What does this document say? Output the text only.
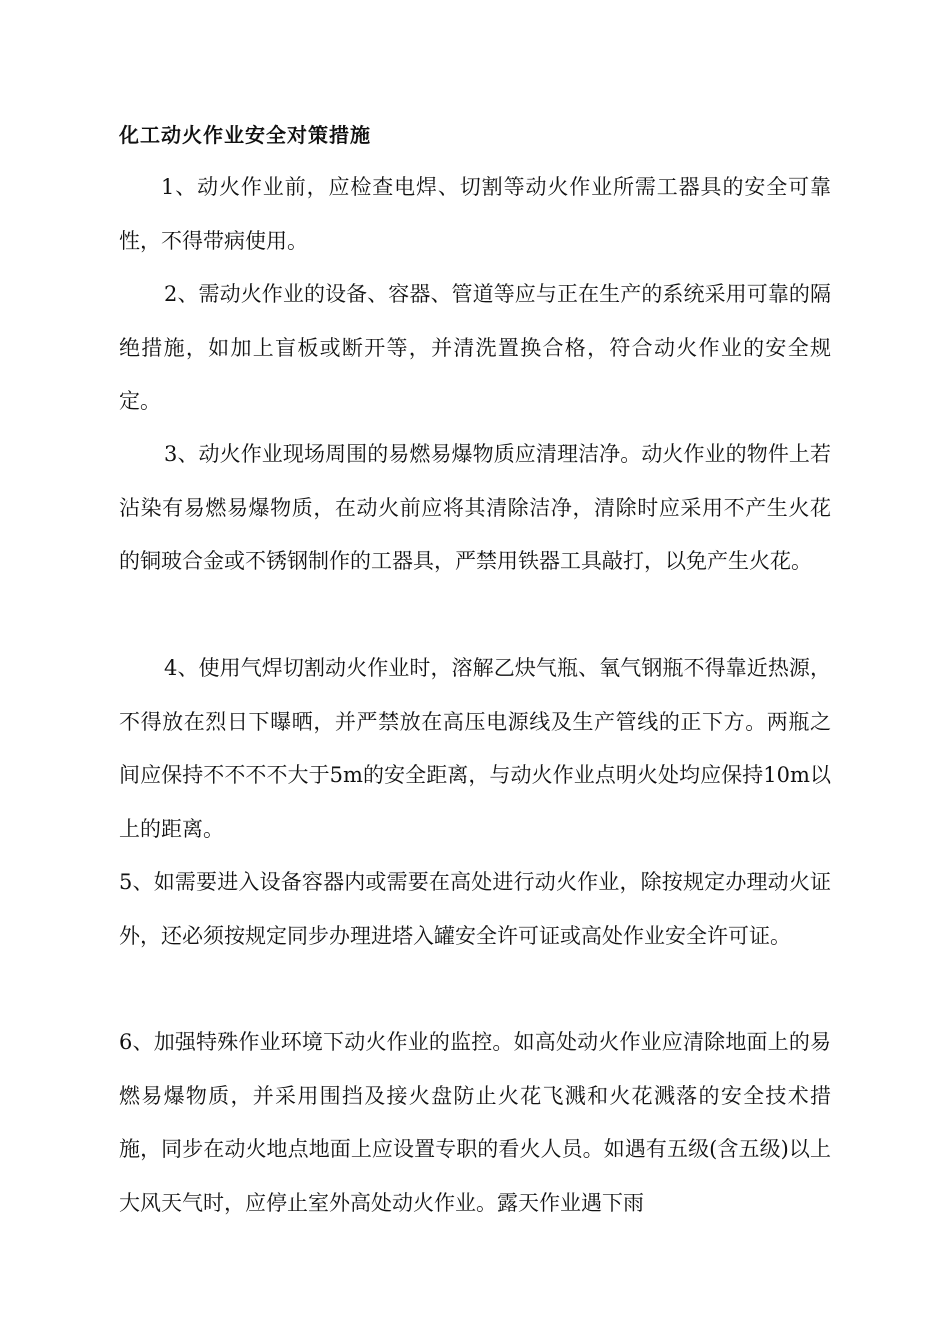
化工动火作业安全对策措施

1、动火作业前，应检查电焊、切割等动火作业所需工器具的安全可靠性，不得带病使用。

2、需动火作业的设备、容器、管道等应与正在生产的系统采用可靠的隔绝措施，如加上盲板或断开等，并清洗置换合格，符合动火作业的安全规定。

3、动火作业现场周围的易燃易爆物质应清理洁净。动火作业的物件上若沾染有易燃易爆物质，在动火前应将其清除洁净，清除时应采用不产生火花的铜玻合金或不锈钢制作的工器具，严禁用铁器工具敲打，以免产生火花。

4、使用气焊切割动火作业时，溶解乙炔气瓶、氧气钢瓶不得靠近热源，不得放在烈日下曝晒，并严禁放在高压电源线及生产管线的正下方。两瓶之间应保持不不不不大于5m的安全距离，与动火作业点明火处均应保持10m以上的距离。

5、如需要进入设备容器内或需要在高处进行动火作业，除按规定办理动火证外，还必须按规定同步办理进塔入罐安全许可证或高处作业安全许可证。

6、加强特殊作业环境下动火作业的监控。如高处动火作业应清除地面上的易燃易爆物质，并采用围挡及接火盘防止火花飞溅和火花溅落的安全技术措施，同步在动火地点地面上应设置专职的看火人员。如遇有五级(含五级)以上大风天气时，应停止室外高处动火作业。露天作业遇下雨
